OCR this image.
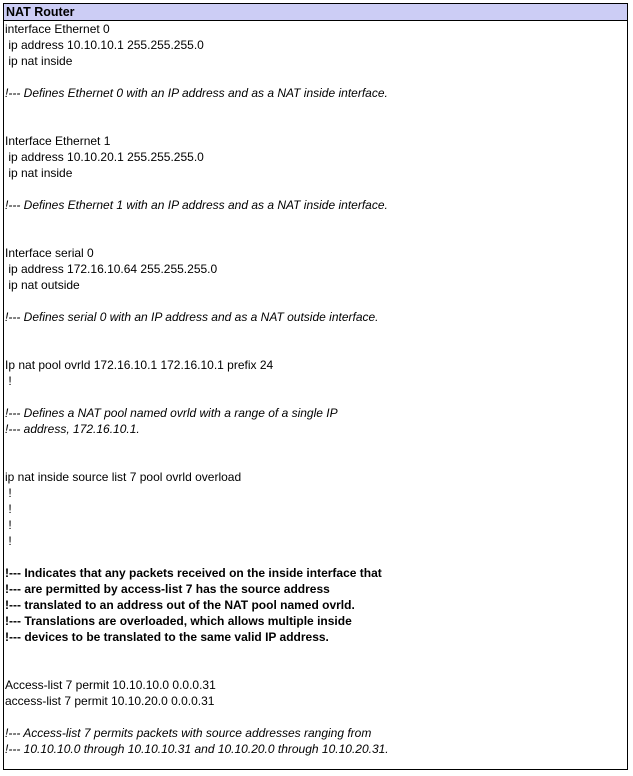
NAT Router
interface Ethernet 0
ip address 10.10.10.1 255.255.255.0
ip nat inside
!--- Defines Ethernet 0 with an IP address and as a NAT inside interface.
Interface Ethernet 1
ip address 10.10.20.1 255.255.255.0
ip nat inside
!--- Defines Ethernet 1 with an IP address and as a NAT inside interface.
Interface serial 0
ip address 172.16.10.64 255.255.255.0
ip nat outside
!--- Defines serial 0 with an IP address and as a NAT outside interface.
Ip nat pool ovrld 172.16.10.1 172.16.10.1 prefix 24
!
!--- Defines a NAT pool named ovrld with a range of a single IP
!--- address, 172.16.10.1.
ip nat inside source list 7 pool ovrld overload
!
!
!
!
!--- Indicates that any packets received on the inside interface that
!--- are permitted by access-list 7 has the source address
!--- translated to an address out of the NAT pool named ovrld.
!--- Translations are overloaded, which allows multiple inside
!--- devices to be translated to the same valid IP address.
Access-list 7 permit 10.10.10.0 0.0.0.31
access-list 7 permit 10.10.20.0 0.0.0.31
!--- Access-list 7 permits packets with source addresses ranging from
!--- 10.10.10.0 through 10.10.10.31 and 10.10.20.0 through 10.10.20.31.
